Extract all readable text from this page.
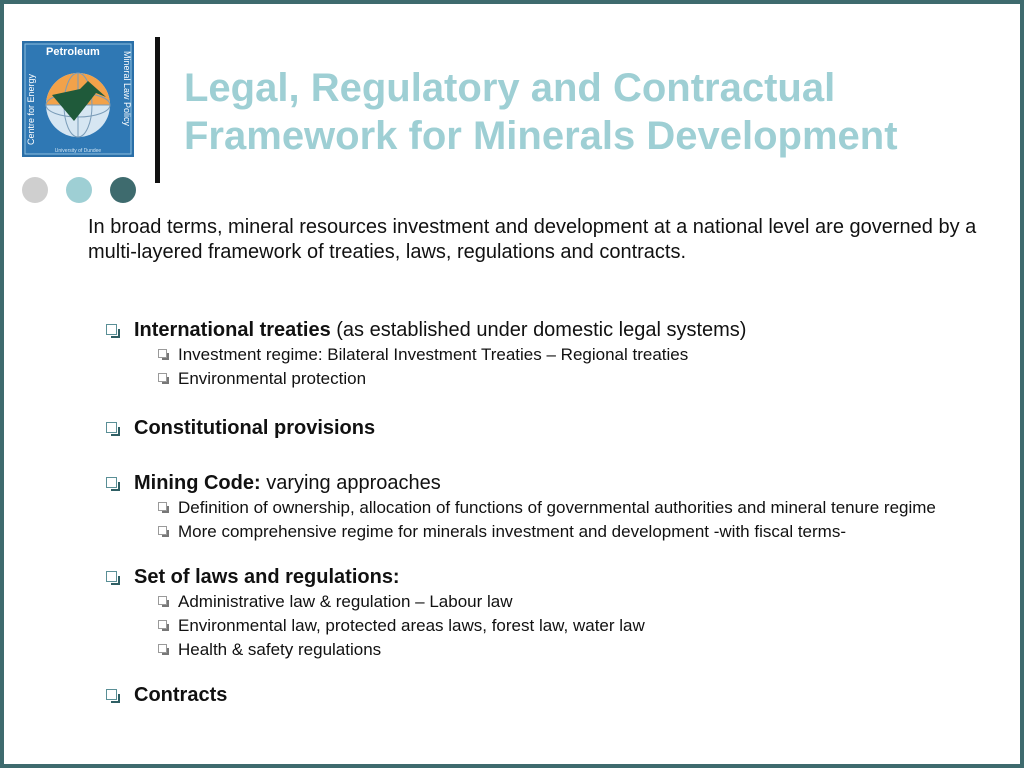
Petroleum
Centre for Energy	Mineral Law Policy
University of Dundee
Legal, Regulatory and Contractual
Framework for Minerals Development

In broad terms, mineral resources investment and development at a national level are governed by a multi-layered framework of treaties, laws, regulations and contracts.

International treaties (as established under domestic legal systems)
Investment regime: Bilateral Investment Treaties – Regional treaties
Environmental protection
Constitutional provisions
Mining Code: varying approaches
Definition of ownership, allocation of functions of governmental authorities and mineral tenure regime
More comprehensive regime for minerals investment and development -with fiscal terms-
Set of laws and regulations:
Administrative law & regulation – Labour law
Environmental law, protected areas laws, forest law, water law
Health & safety regulations
Contracts
